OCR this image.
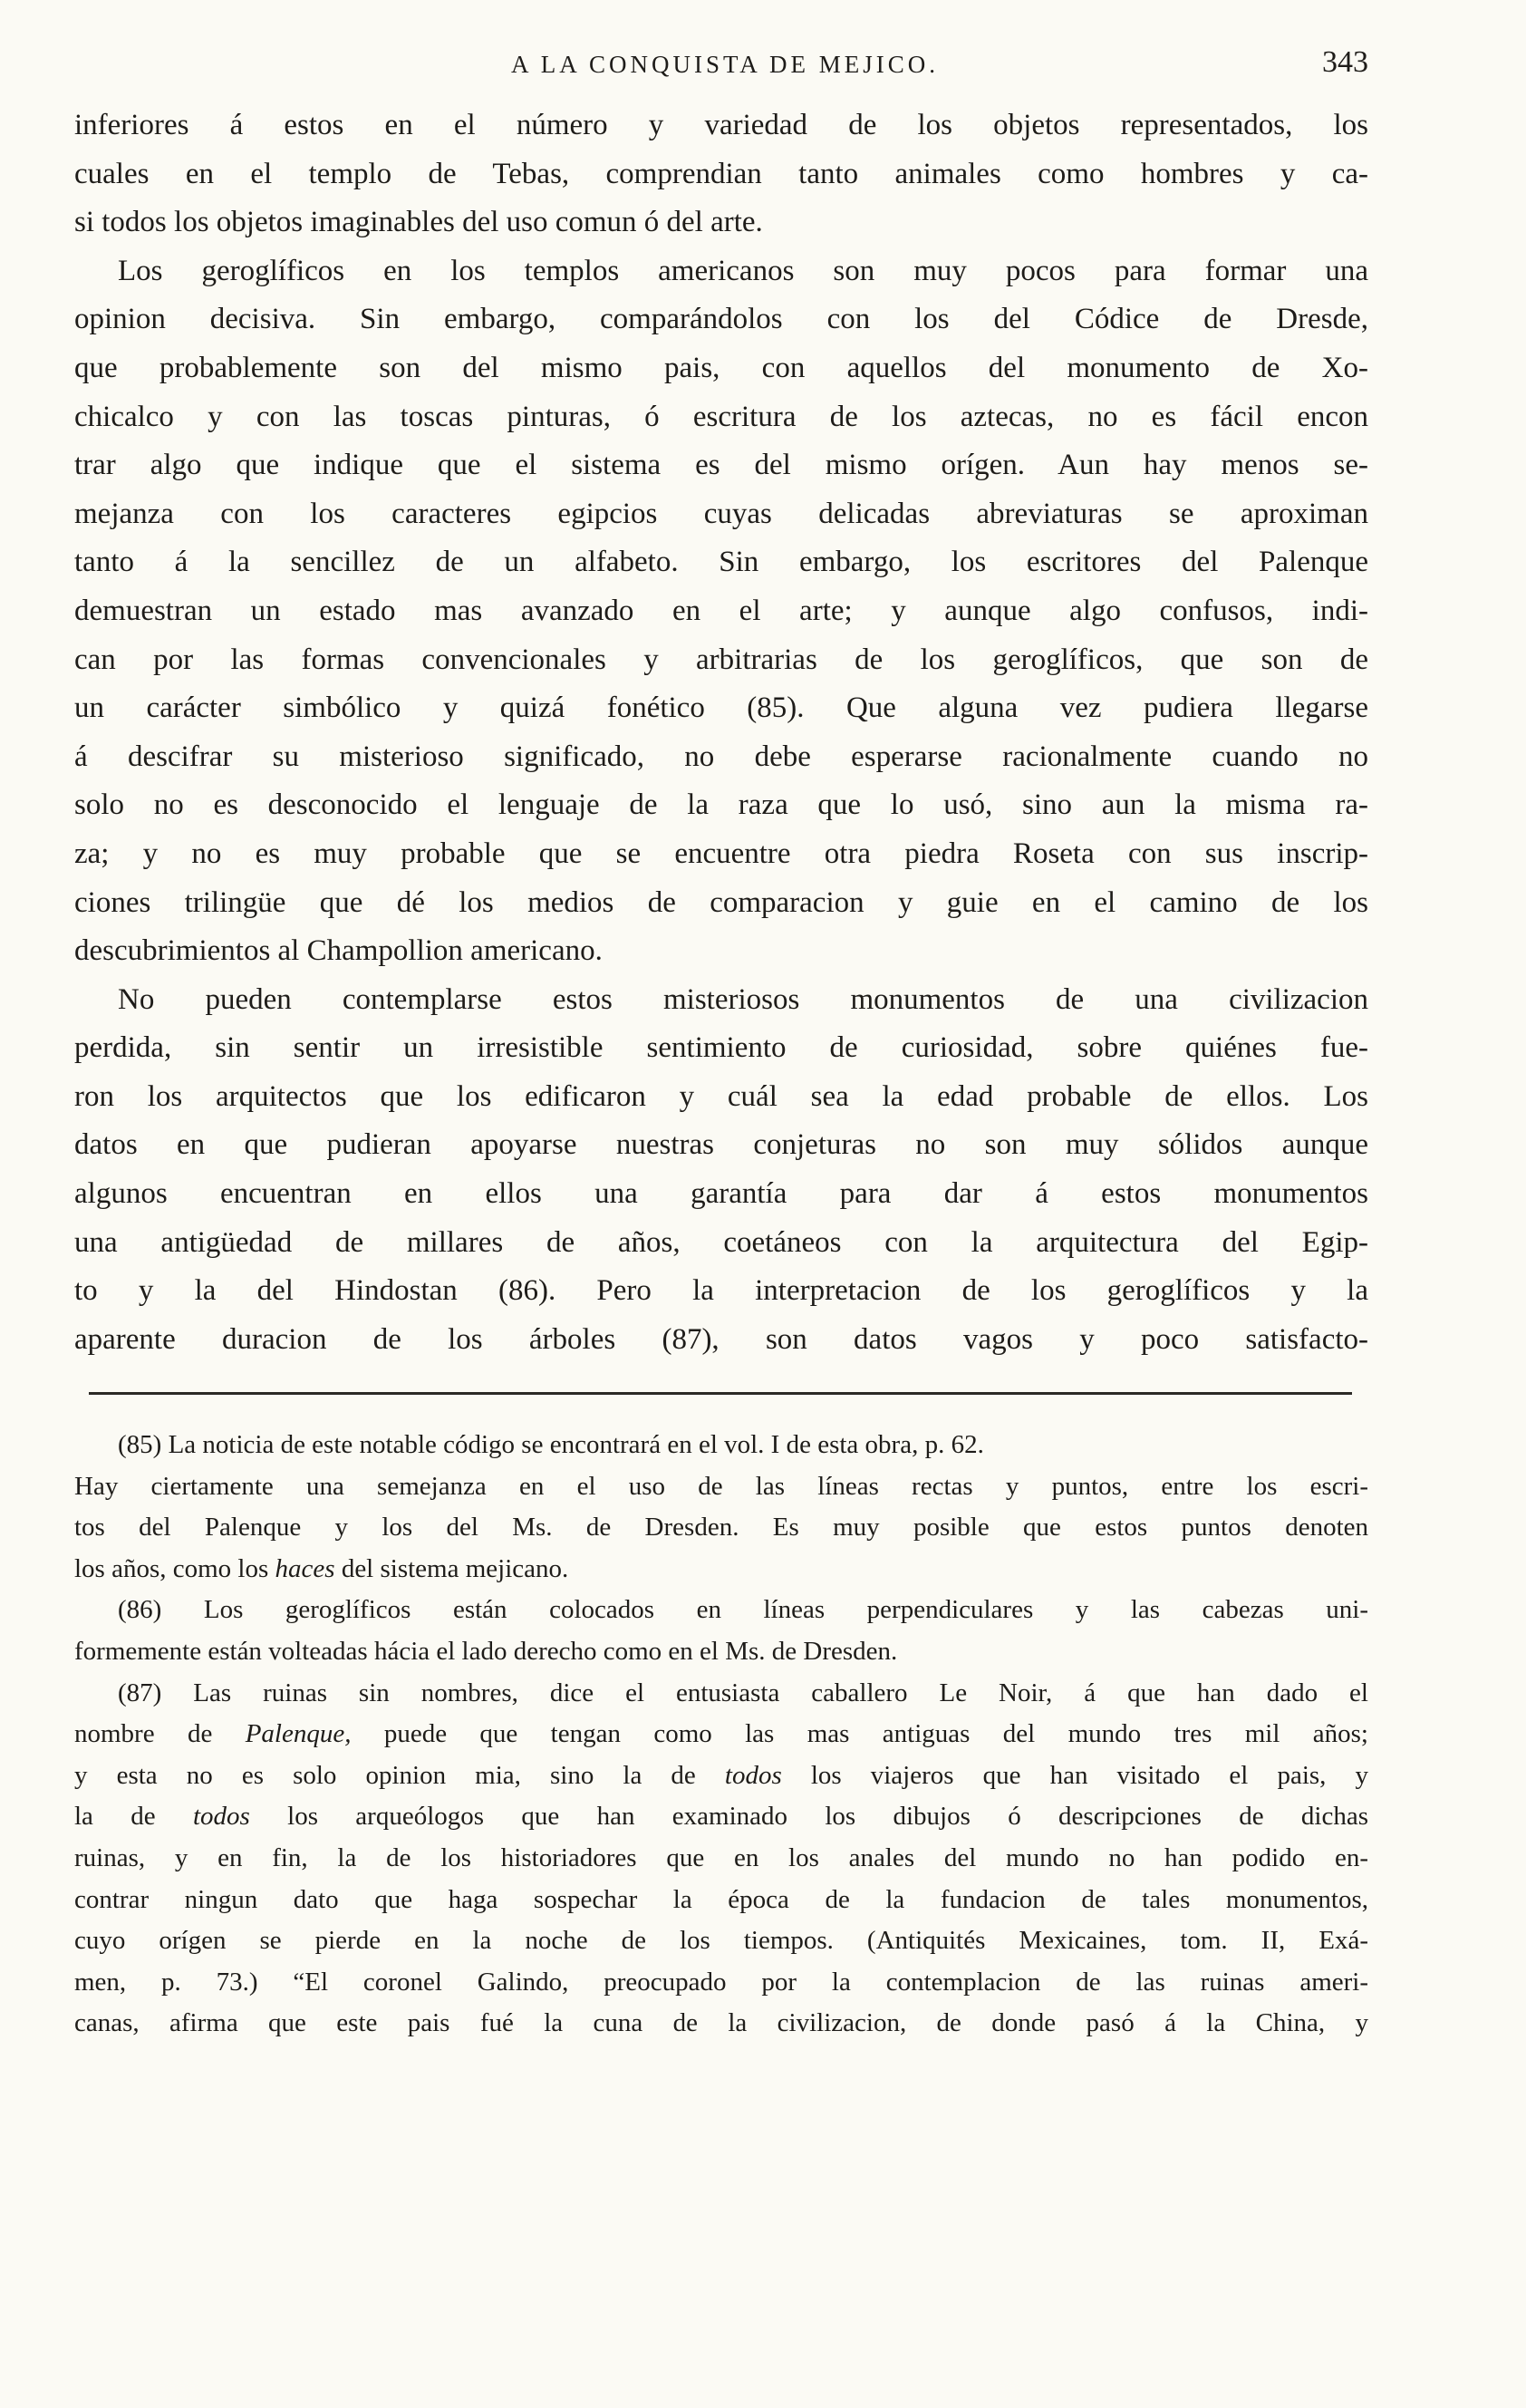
A LA CONQUISTA DE MEJICO.	343
inferiores á estos en el número y variedad de los objetos representados, los
cuales en el templo de Tebas, comprendian tanto animales como hombres y ca-
si todos los objetos imaginables del uso comun ó del arte.
Los geroglíficos en los templos americanos son muy pocos para formar una
opinion decisiva. Sin embargo, comparándolos con los del Códice de Dresde,
que probablemente son del mismo pais, con aquellos del monumento de Xo-
chicalco y con las toscas pinturas, ó escritura de los aztecas, no es fácil encon
trar algo que indique que el sistema es del mismo orígen. Aun hay menos se-
mejanza con los caracteres egipcios cuyas delicadas abreviaturas se aproximan
tanto á la sencillez de un alfabeto. Sin embargo, los escritores del Palenque
demuestran un estado mas avanzado en el arte; y aunque algo confusos, indi-
can por las formas convencionales y arbitrarias de los geroglíficos, que son de
un carácter simbólico y quizá fonético (85). Que alguna vez pudiera llegarse
á descifrar su misterioso significado, no debe esperarse racionalmente cuando no
solo no es desconocido el lenguaje de la raza que lo usó, sino aun la misma ra-
za; y no es muy probable que se encuentre otra piedra Roseta con sus inscrip-
ciones trilingüe que dé los medios de comparacion y guie en el camino de los
descubrimientos al Champollion americano.
No pueden contemplarse estos misteriosos monumentos de una civilizacion
perdida, sin sentir un irresistible sentimiento de curiosidad, sobre quiénes fue-
ron los arquitectos que los edificaron y cuál sea la edad probable de ellos. Los
datos en que pudieran apoyarse nuestras conjeturas no son muy sólidos aunque
algunos encuentran en ellos una garantía para dar á estos monumentos
una antigüedad de millares de años, coetáneos con la arquitectura del Egip-
to y la del Hindostan (86). Pero la interpretacion de los geroglíficos y la
aparente duracion de los árboles (87), son datos vagos y poco satisfacto-
(85) La noticia de este notable código se encontrará en el vol. I de esta obra, p. 62.
Hay ciertamente una semejanza en el uso de las líneas rectas y puntos, entre los escri-
tos del Palenque y los del Ms. de Dresden. Es muy posible que estos puntos denoten
los años, como los haces del sistema mejicano.
(86) Los geroglíficos están colocados en líneas perpendiculares y las cabezas uni-
formemente están volteadas hácia el lado derecho como en el Ms. de Dresden.
(87) Las ruinas sin nombres, dice el entusiasta caballero Le Noir, á que han dado el
nombre de Palenque, puede que tengan como las mas antiguas del mundo tres mil años;
y esta no es solo opinion mia, sino la de todos los viajeros que han visitado el pais, y
la de todos los arqueólogos que han examinado los dibujos ó descripciones de dichas
ruinas, y en fin, la de los historiadores que en los anales del mundo no han podido en-
contrar ningun dato que haga sospechar la época de la fundacion de tales monumentos,
cuyo orígen se pierde en la noche de los tiempos. (Antiquités Mexicaines, tom. II, Exá-
men, p. 73.) “El coronel Galindo, preocupado por la contemplacion de las ruinas ameri-
canas, afirma que este pais fué la cuna de la civilizacion, de donde pasó á la China, y
